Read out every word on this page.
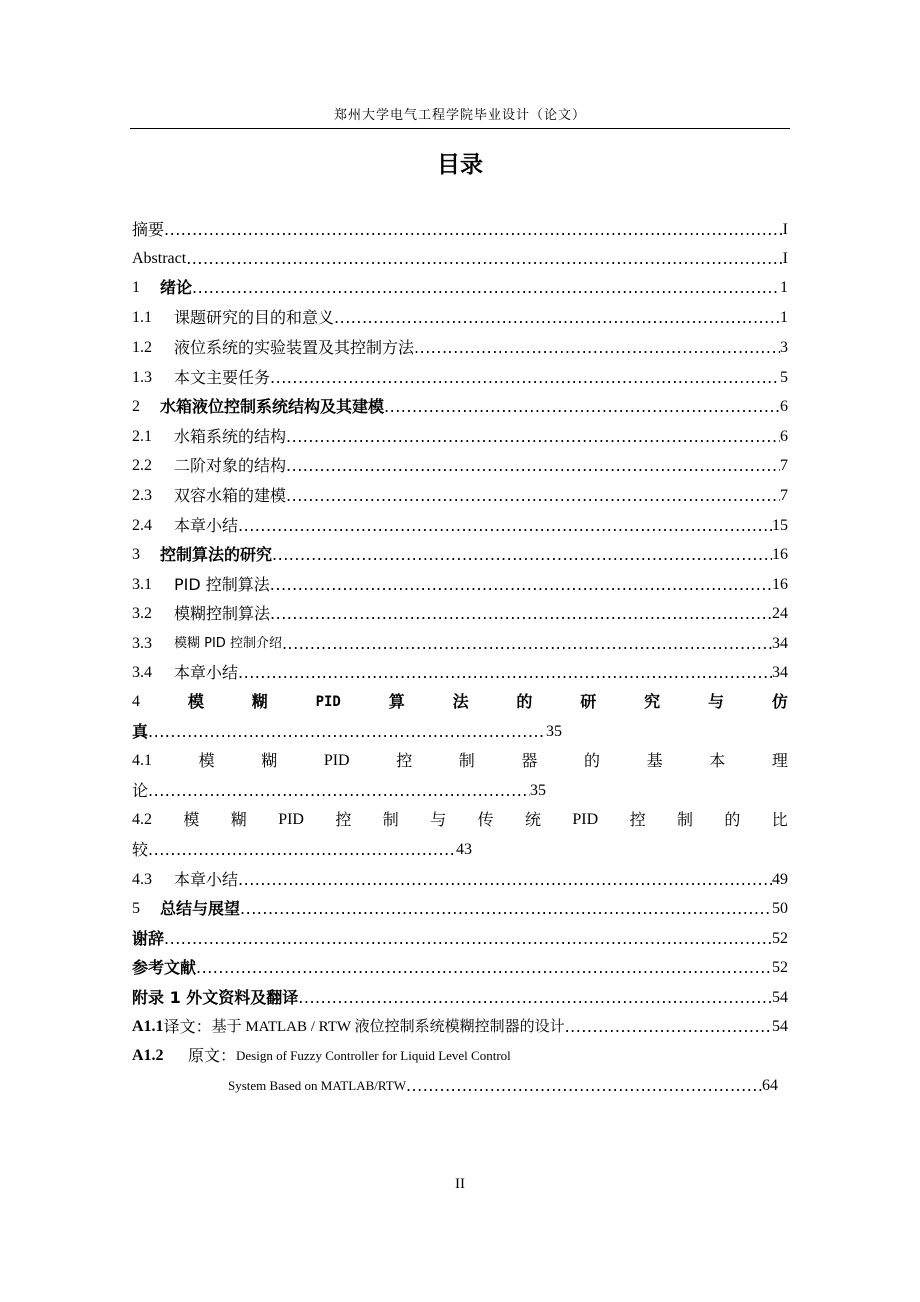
郑州大学电气工程学院毕业设计（论文）
目录
摘要 .....	I
Abstract .....	I
1	绪论 .....	1
1.1	课题研究的目的和意义 .....	1
1.2	液位系统的实验装置及其控制方法 .....	3
1.3	本文主要任务 .....	5
2	水箱液位控制系统结构及其建模 .....	6
2.1	水箱系统的结构 .....	6
2.2	二阶对象的结构 .....	7
2.3	双容水箱的建模 .....	7
2.4	本章小结 .....	15
3	控制算法的研究 .....	16
3.1	PID 控制算法 .....	16
3.2	模糊控制算法 .....	24
3.3	模糊 PID 控制介绍 .....	34
3.4	本章小结 .....	34
4	模	糊	PID	算	法	的	研	究	与	仿
真 .....	35
4.1	模	糊	PID	控	制	器	的	基	本	理
论 .....	35
4.2 模 糊 PID 控 制 与 传 统 PID 控 制 的 比
较 .....	43
4.3	本章小结 .....	49
5	总结与展望 .....	50
谢辞 .....	52
参考文献 .....	52
附录 1 外文资料及翻译 .....	54
A1.1 译文： 基于 MATLAB / RTW 液位控制系统模糊控制器的设计 .....	54
A1.2	原文： Design of Fuzzy Controller for Liquid Level Control
System Based on MATLAB/RTW .....	64
II
